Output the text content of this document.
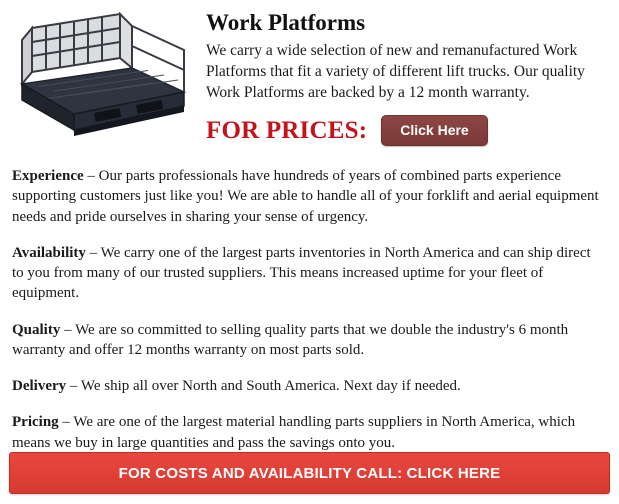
Work Platforms

We carry a wide selection of new and remanufactured Work Platforms that fit a variety of different lift trucks. Our quality Work Platforms are backed by a 12 month warranty.

FOR PRICES:	Click Here

Experience – Our parts professionals have hundreds of years of combined parts experience supporting customers just like you! We are able to handle all of your forklift and aerial equipment needs and pride ourselves in sharing your sense of urgency.

Availability – We carry one of the largest parts inventories in North America and can ship direct to you from many of our trusted suppliers. This means increased uptime for your fleet of equipment.

Quality – We are so committed to selling quality parts that we double the industry's 6 month warranty and offer 12 months warranty on most parts sold.

Delivery – We ship all over North and South America. Next day if needed.

Pricing – We are one of the largest material handling parts suppliers in North America, which means we buy in large quantities and pass the savings onto you.

FOR COSTS AND AVAILABILITY CALL: CLICK HERE
